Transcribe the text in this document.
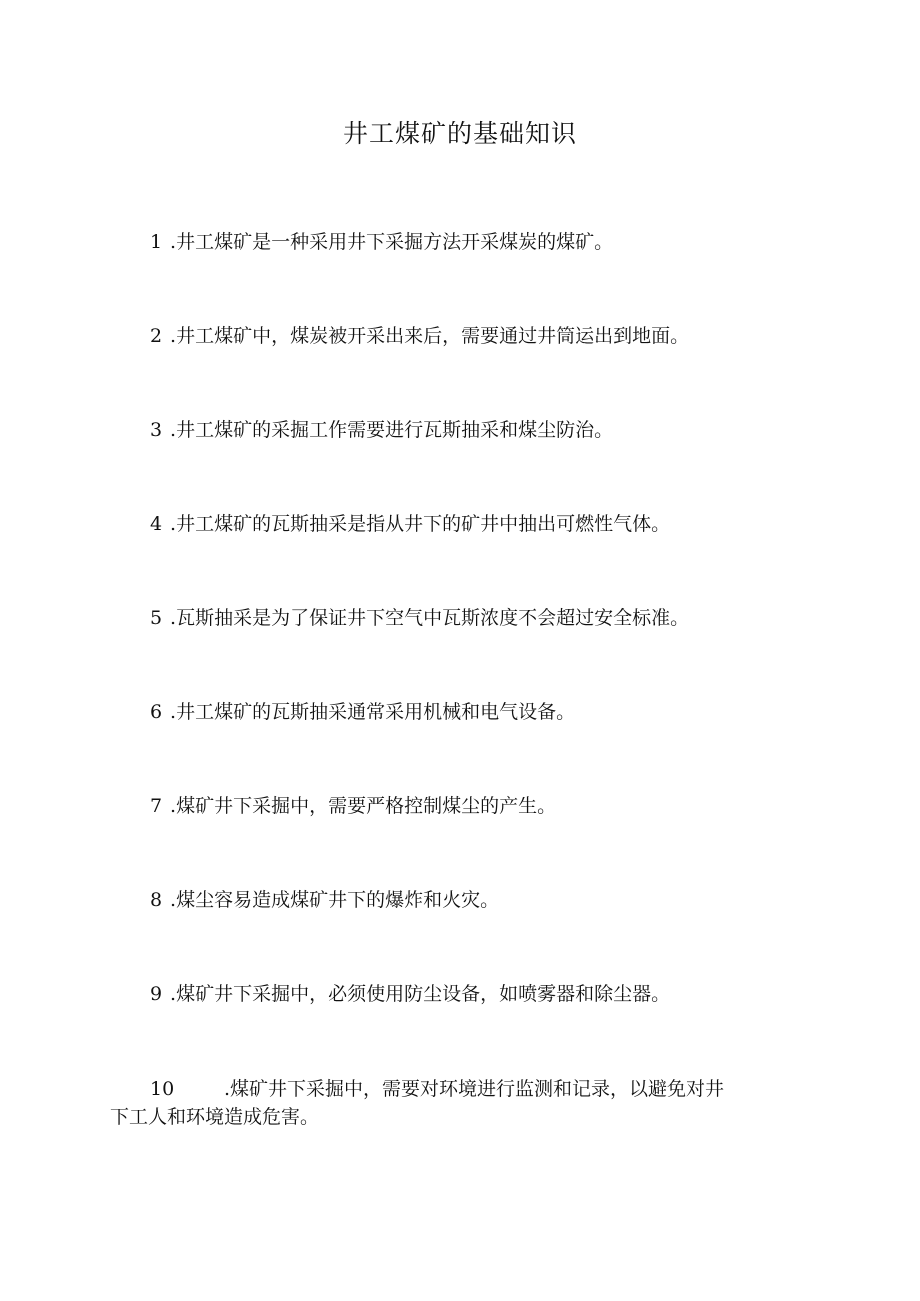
井工煤矿的基础知识
1 .井工煤矿是一种采用井下采掘方法开采煤炭的煤矿。
2 .井工煤矿中，煤炭被开采出来后，需要通过井筒运出到地面。
3 .井工煤矿的采掘工作需要进行瓦斯抽采和煤尘防治。
4 .井工煤矿的瓦斯抽采是指从井下的矿井中抽出可燃性气体。
5 .瓦斯抽采是为了保证井下空气中瓦斯浓度不会超过安全标准。
6 .井工煤矿的瓦斯抽采通常采用机械和电气设备。
7 .煤矿井下采掘中，需要严格控制煤尘的产生。
8 .煤尘容易造成煤矿井下的爆炸和火灾。
9 .煤矿井下采掘中，必须使用防尘设备，如喷雾器和除尘器。
10	.煤矿井下采掘中，需要对环境进行监测和记录，以避免对井
下工人和环境造成危害。
